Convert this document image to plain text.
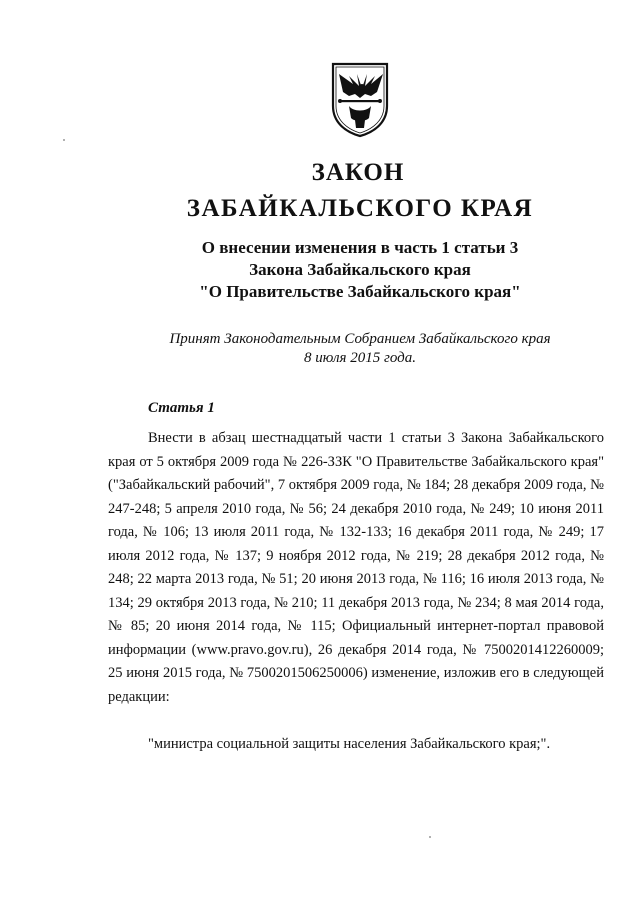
ЗАКОН
ЗАБАЙКАЛЬСКОГО КРАЯ
О внесении изменения в часть 1 статьи 3
Закона Забайкальского края
"О Правительстве Забайкальского края"
Принят Законодательным Собранием Забайкальского края
8 июля 2015 года.
Статья 1

Внести в абзац шестнадцатый части 1 статьи 3 Закона Забайкальского края от 5 октября 2009 года № 226-ЗЗК "О Правительстве Забайкальского края" ("Забайкальский рабочий", 7 октября 2009 года, № 184; 28 декабря 2009 года, № 247-248; 5 апреля 2010 года, № 56; 24 декабря 2010 года, № 249; 10 июня 2011 года, № 106; 13 июля 2011 года, № 132-133; 16 декабря 2011 года, № 249; 17 июля 2012 года, № 137; 9 ноября 2012 года, № 219; 28 декабря 2012 года, № 248; 22 марта 2013 года, № 51; 20 июня 2013 года, № 116; 16 июля 2013 года, № 134; 29 октября 2013 года, № 210; 11 декабря 2013 года, № 234; 8 мая 2014 года, № 85; 20 июня 2014 года, № 115; Официальный интернет-портал правовой информации (www.pravo.gov.ru), 26 декабря 2014 года, № 7500201412260009; 25 июня 2015 года, № 7500201506250006) изменение, изложив его в следующей редакции:

"министра социальной защиты населения Забайкальского края;".
